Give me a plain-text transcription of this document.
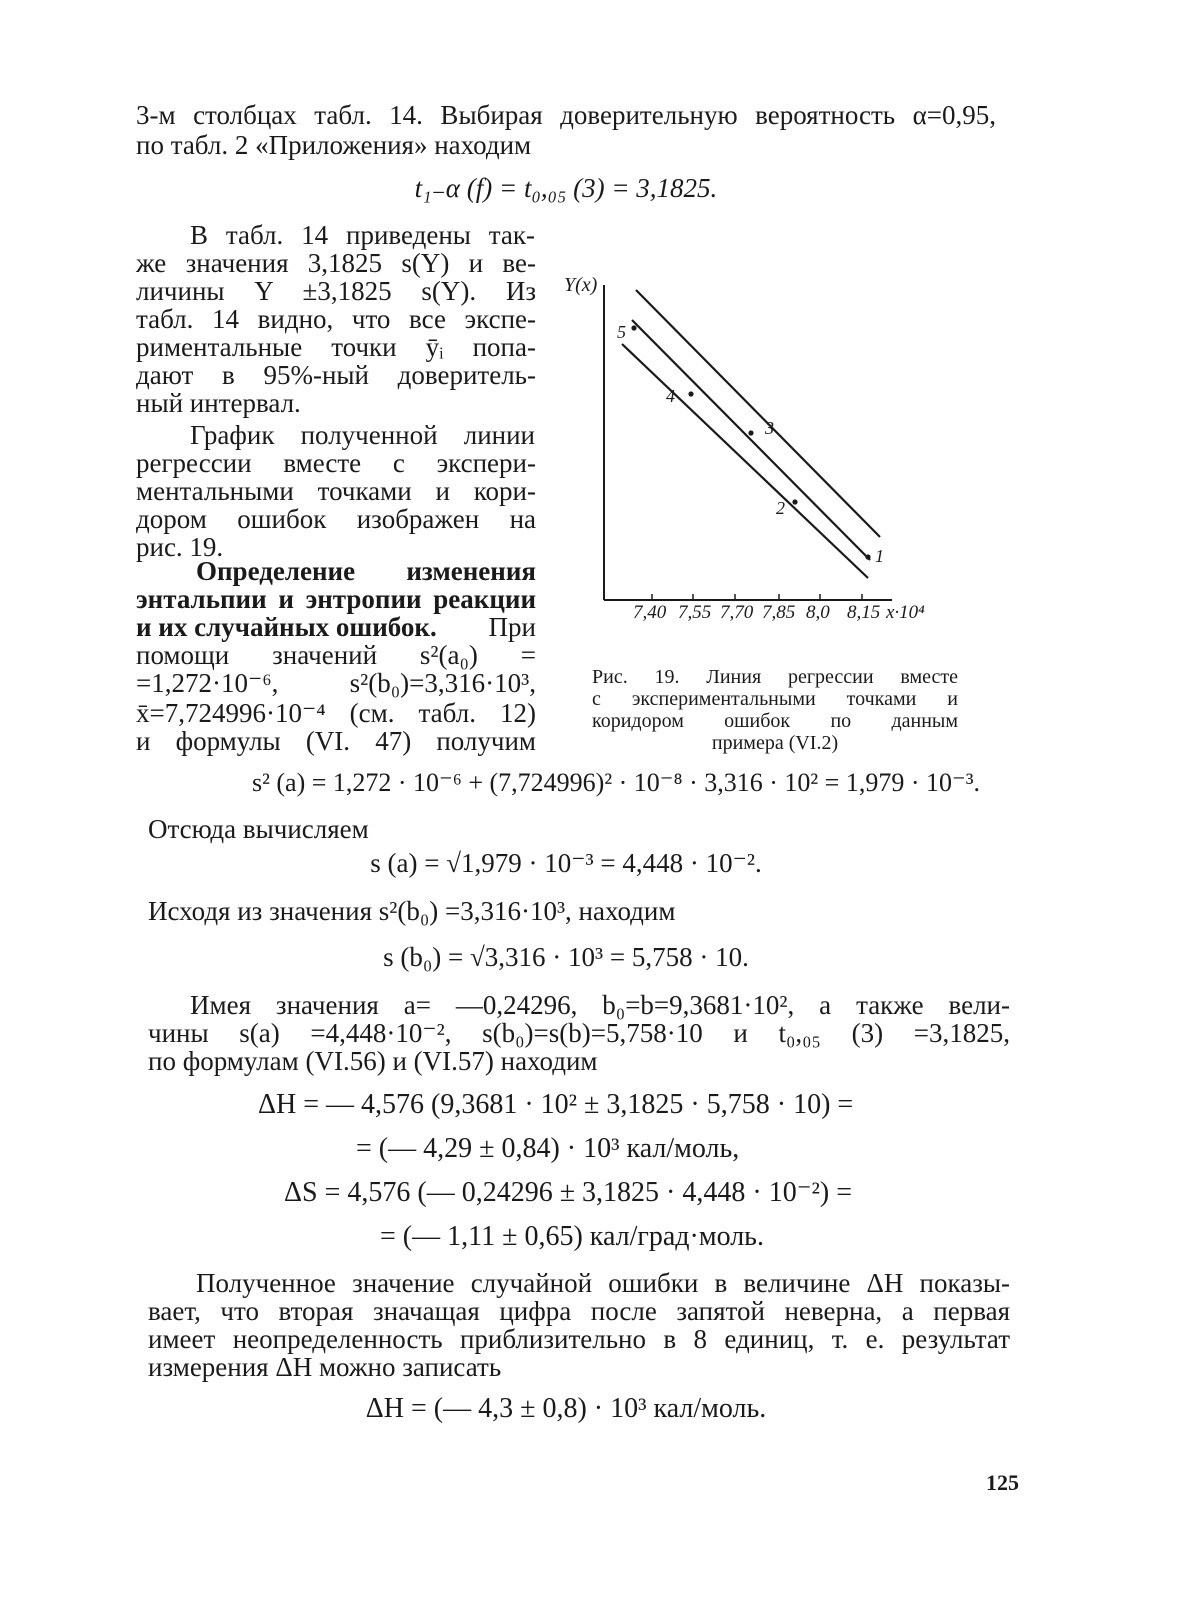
3-м столбцах табл. 14. Выбирая доверительную вероятность α=0,95,
по табл. 2 «Приложения» находим
t₁₋α (f) = t₀,₀₅ (3) = 3,1825.
В табл. 14 приведены так-
же значения 3,1825 s(Y) и ве-
личины Y ±3,1825 s(Y). Из
табл. 14 видно, что все экспе-
риментальные точки ȳᵢ попа-
дают в 95%-ный доверитель-
ный интервал.
График полученной линии
регрессии вместе с экспери-
ментальными точками и кори-
дором ошибок изображен на
рис. 19.
Определение изменения
энтальпии и энтропии реакции
и их случайных ошибок. При
помощи значений s²(a₀) =
=1,272·10⁻⁶, s²(b₀)=3,316·10³,
x̄=7,724996·10⁻⁴ (см. табл. 12)
и формулы (VI. 47) получим
Y(x)
7,40 7,55 7,70 7,85 8,0 8,15 x·10⁴
1
2
3
4
5
Рис. 19. Линия регрессии вместе
с экспериментальными точками и
коридором ошибок по данным
примера (VI.2)
s² (a) = 1,272 · 10⁻⁶ + (7,724996)² · 10⁻⁸ · 3,316 · 10² = 1,979 · 10⁻³.
Отсюда вычисляем
s (a) = √1,979 · 10⁻³ = 4,448 · 10⁻².
Исходя из значения s²(b₀) =3,316·10³, находим
s (b₀) = √3,316 · 10³ = 5,758 · 10.
Имея значения a= —0,24296, b₀=b=9,3681·10², а также вели-
чины s(a) =4,448·10⁻², s(b₀)=s(b)=5,758·10 и t₀,₀₅ (3) =3,1825,
по формулам (VI.56) и (VI.57) находим
ΔH = — 4,576 (9,3681 · 10² ± 3,1825 · 5,758 · 10) =
= (— 4,29 ± 0,84) · 10³ кал/моль,
ΔS = 4,576 (— 0,24296 ± 3,1825 · 4,448 · 10⁻²) =
= (— 1,11 ± 0,65) кал/град·моль.
Полученное значение случайной ошибки в величине ΔH показы-
вает, что вторая значащая цифра после запятой неверна, а первая
имеет неопределенность приблизительно в 8 единиц, т. е. результат
измерения ΔH можно записать
ΔH = (— 4,3 ± 0,8) · 10³ кал/моль.
125
